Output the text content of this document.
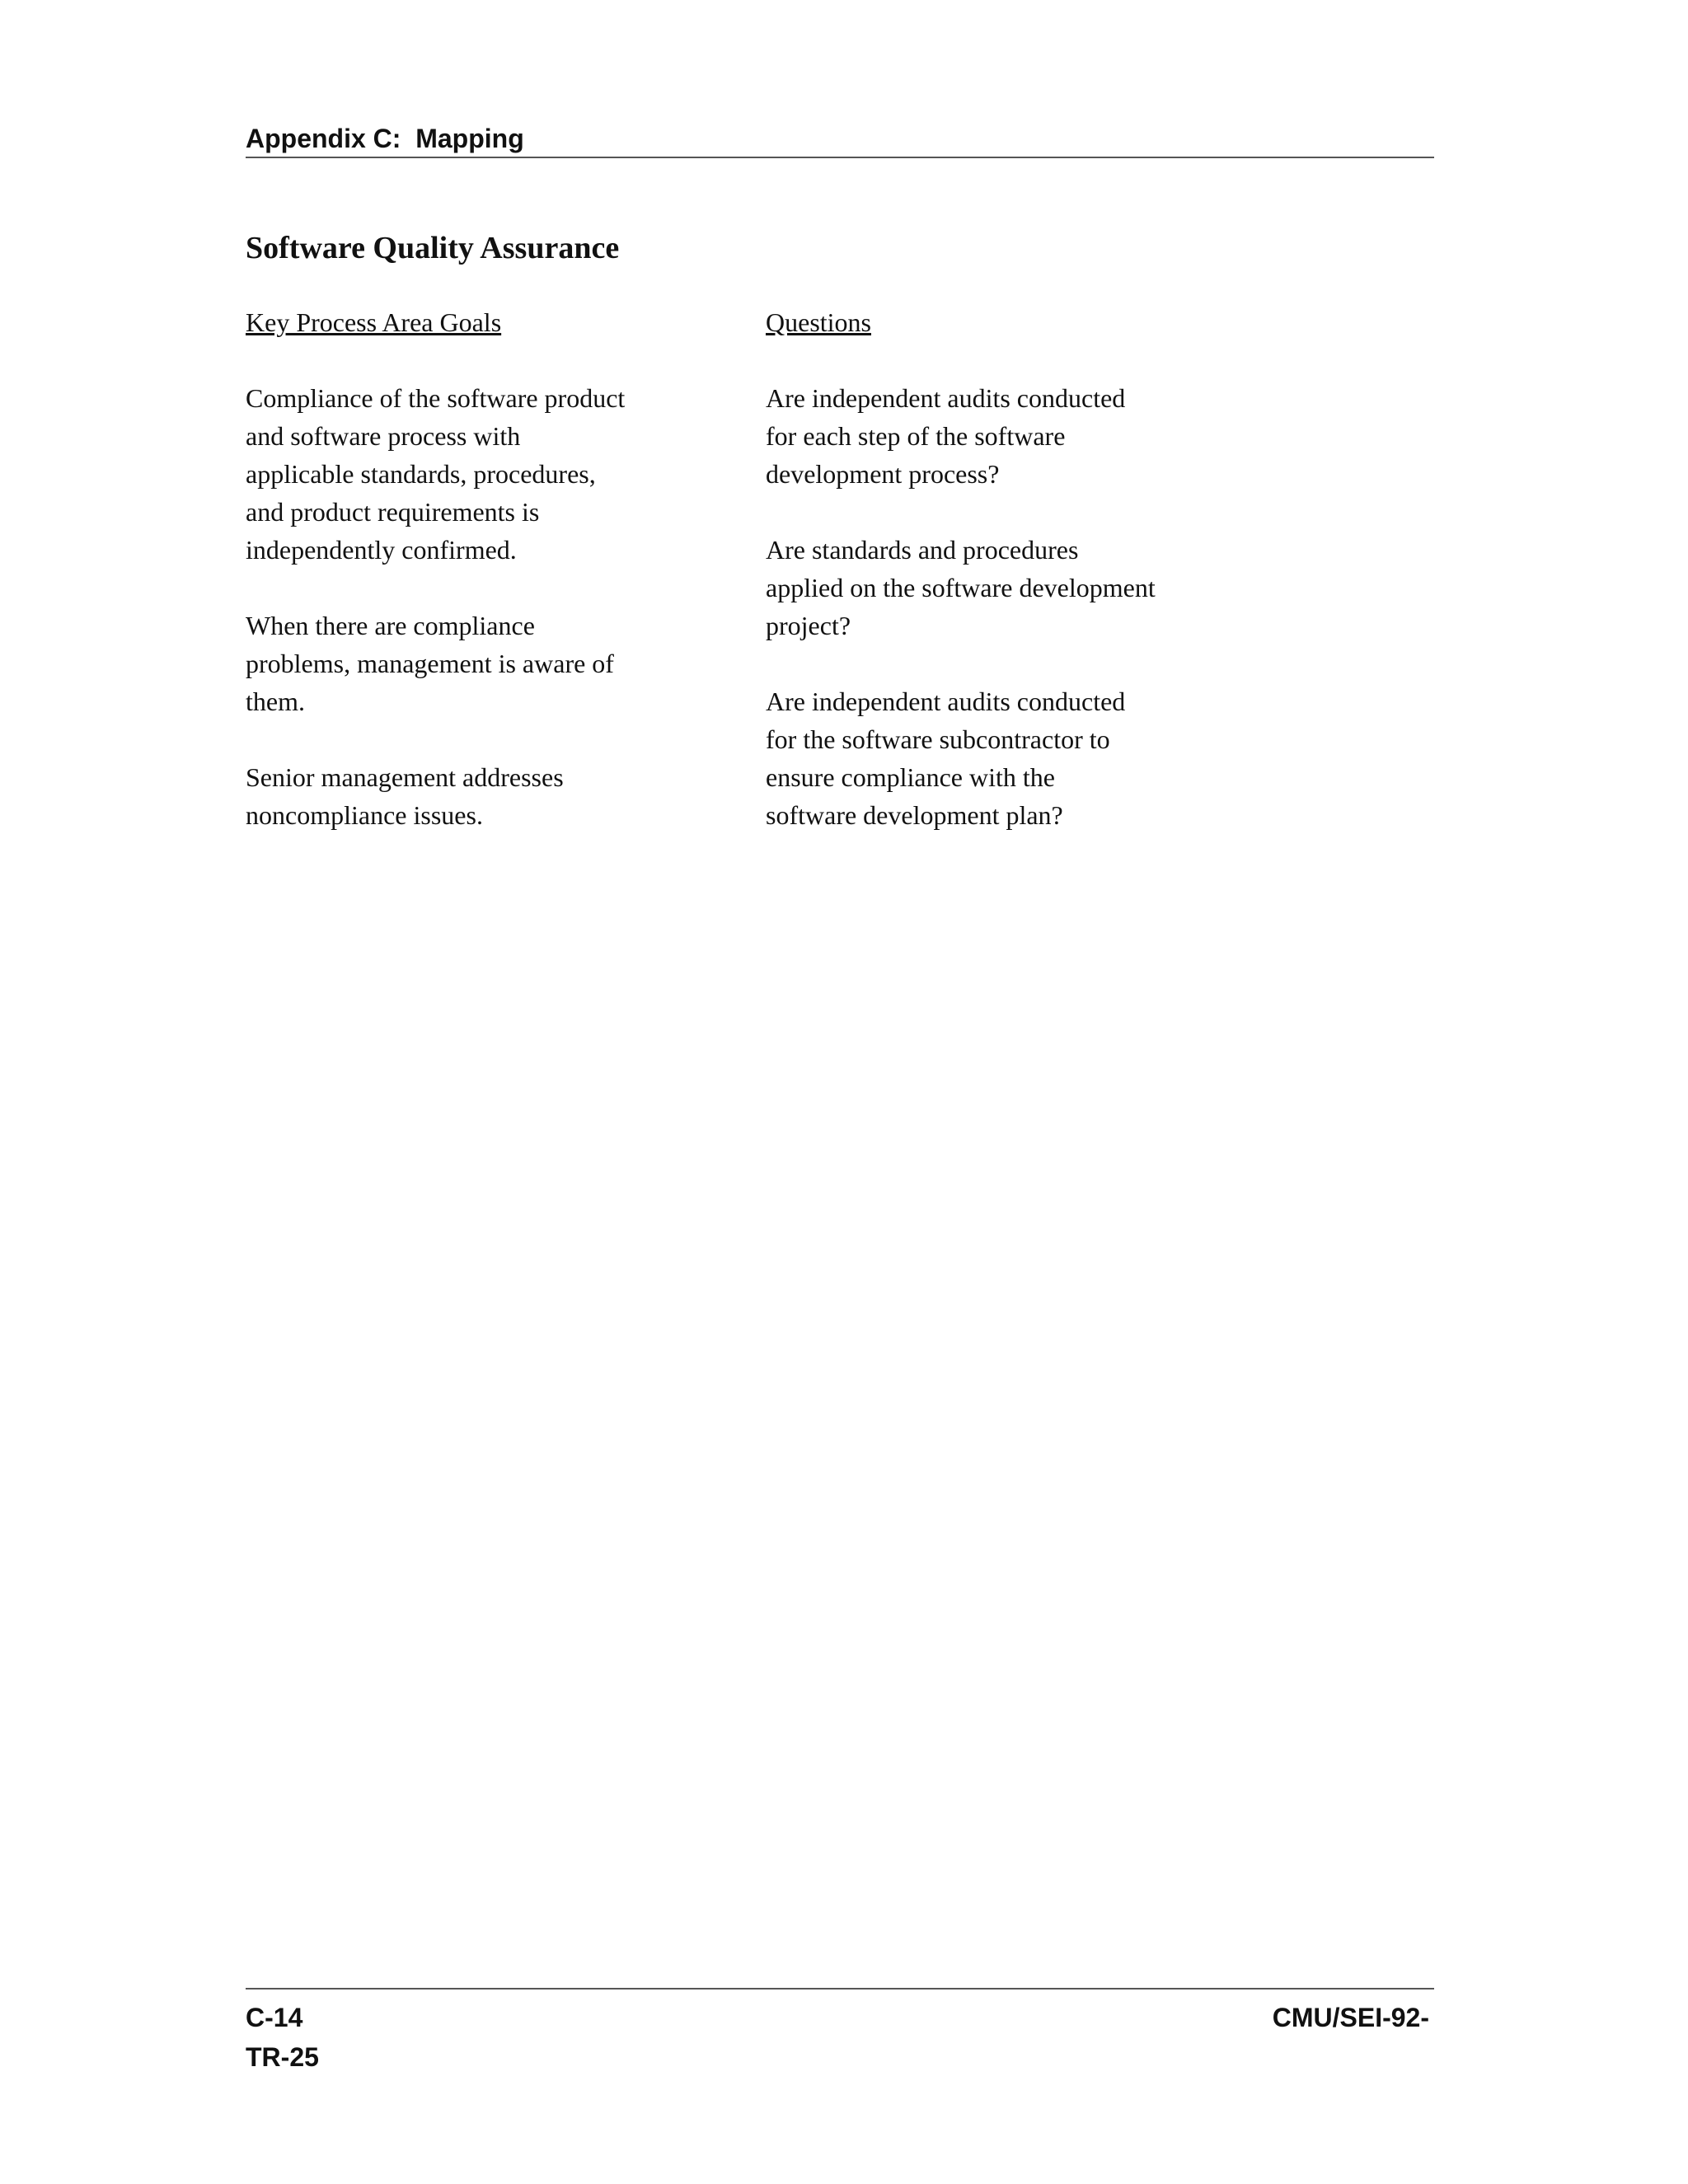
Appendix C:  Mapping
Software Quality Assurance
Key Process Area Goals
Compliance of the software product
and software process with
applicable standards, procedures,
and product requirements is
independently confirmed.
When there are compliance
problems, management is aware of
them.
Senior management addresses
noncompliance issues.
Questions
Are independent audits conducted
for each step of the software
development process?
Are standards and procedures
applied on the software development
project?
Are independent audits conducted
for the software subcontractor to
ensure compliance with the
software development plan?
C-14
TR-25
CMU/SEI-92-
